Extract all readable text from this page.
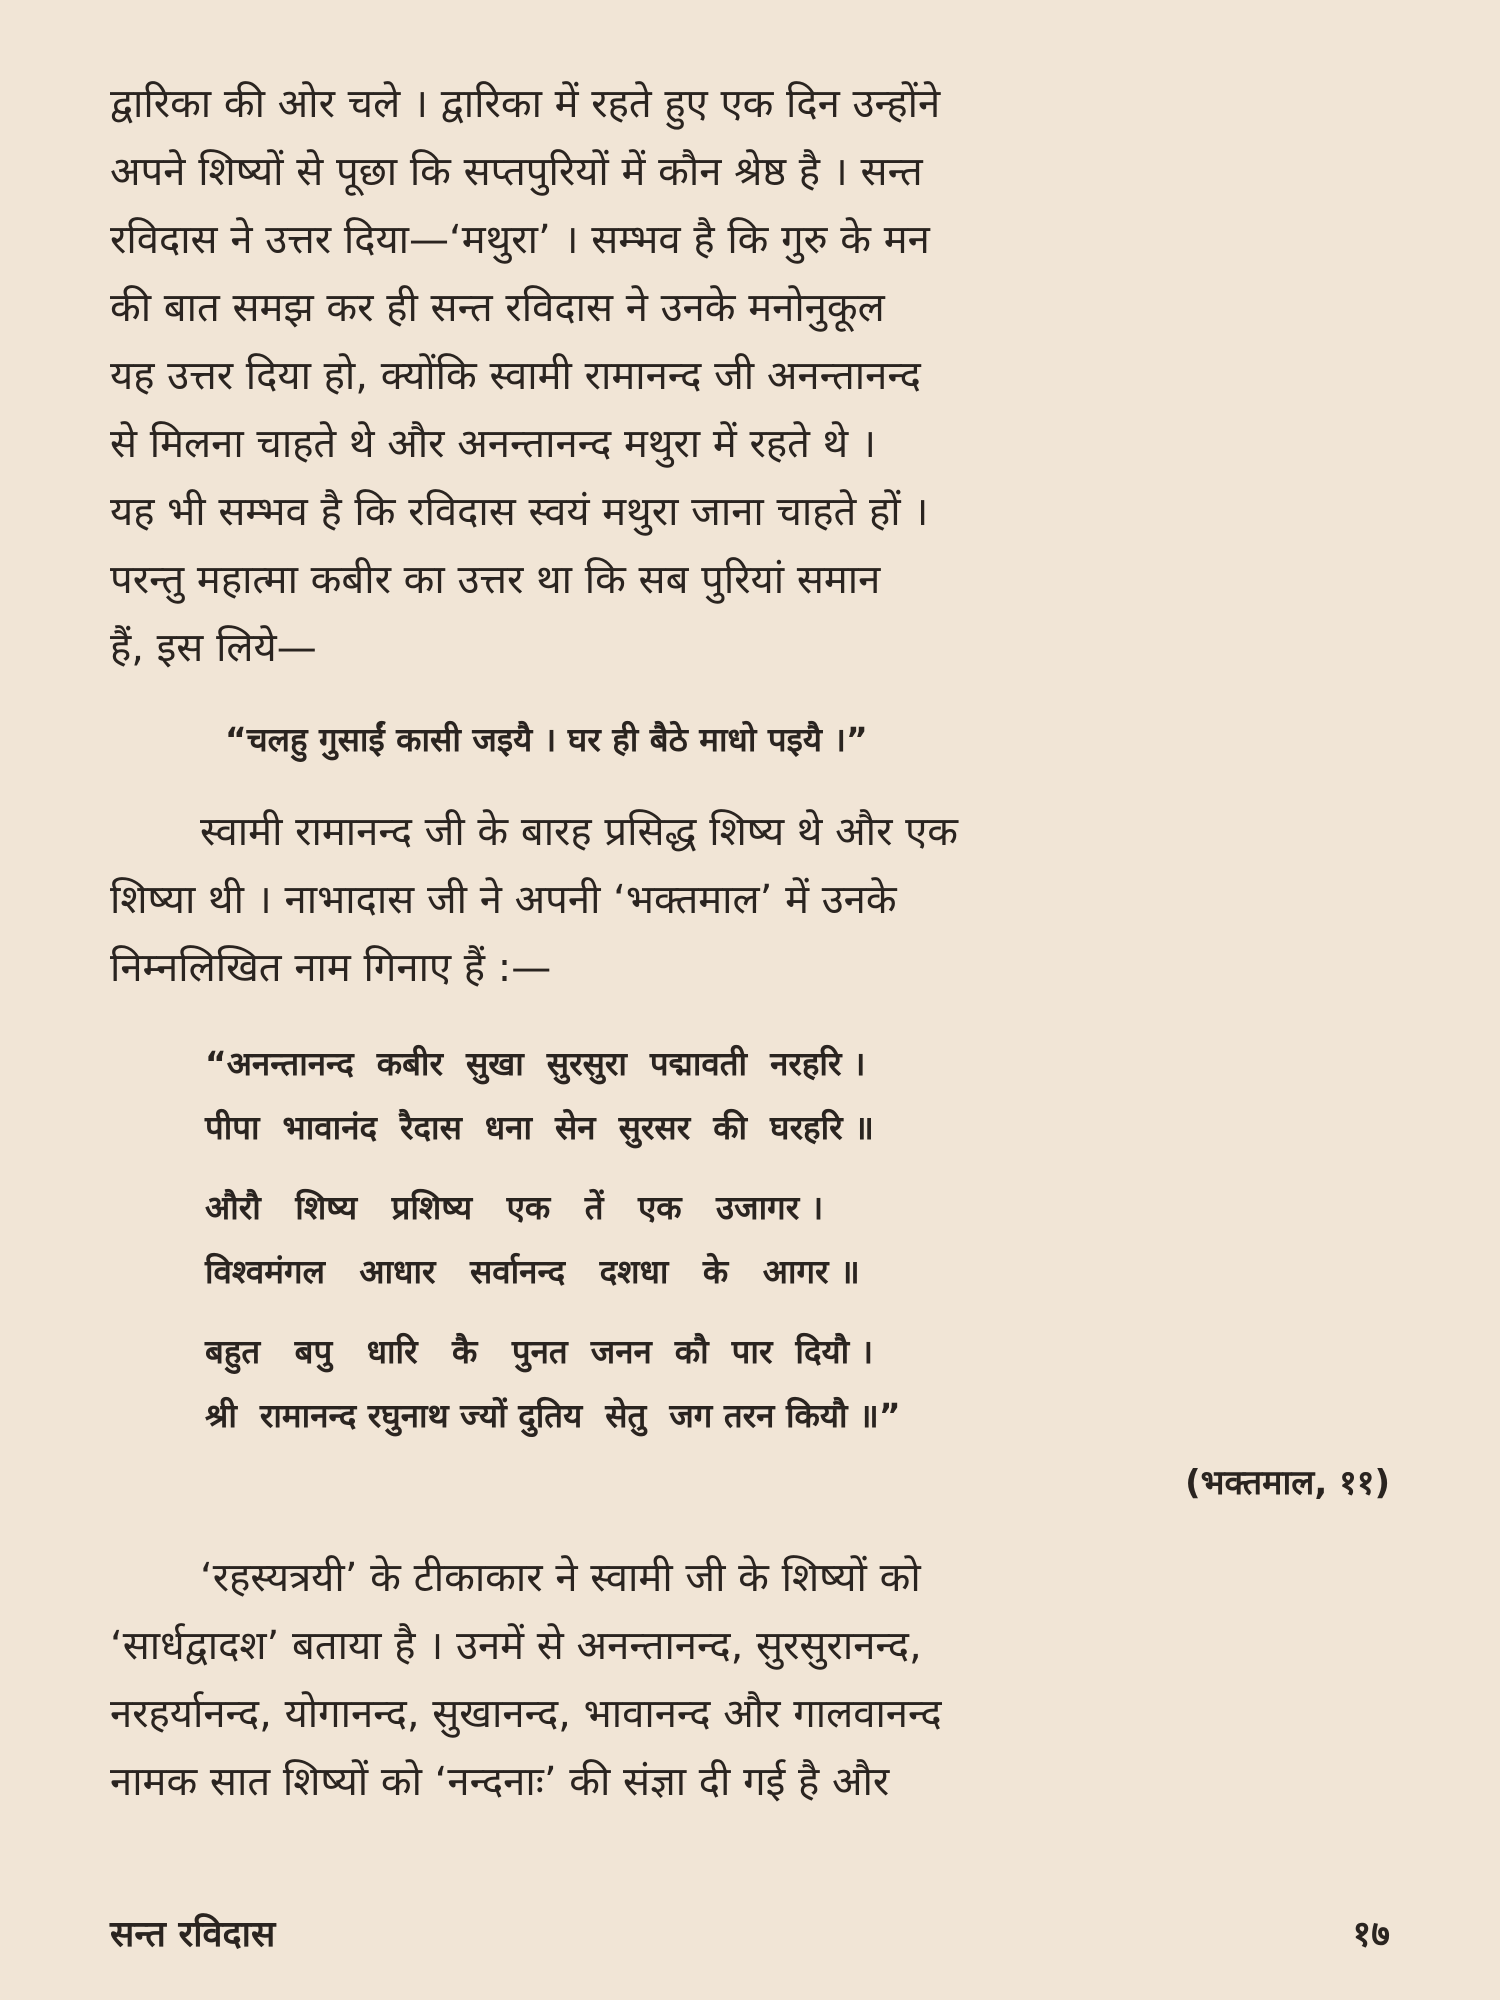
द्वारिका की ओर चले । द्वारिका में रहते हुए एक दिन उन्होंने
अपने शिष्यों से पूछा कि सप्तपुरियों में कौन श्रेष्ठ है । सन्त
रविदास ने उत्तर दिया—‘मथुरा’ । सम्भव है कि गुरु के मन
की बात समझ कर ही सन्त रविदास ने उनके मनोनुकूल
यह उत्तर दिया हो, क्योंकि स्वामी रामानन्द जी अनन्तानन्द
से मिलना चाहते थे और अनन्तानन्द मथुरा में रहते थे ।
यह भी सम्भव है कि रविदास स्वयं मथुरा जाना चाहते हों ।
परन्तु महात्मा कबीर का उत्तर था कि सब पुरियां समान
हैं, इस लिये—

“चलहु गुसाईं कासी जइयै । घर ही बैठे माधो पइयै ।”

स्वामी रामानन्द जी के बारह प्रसिद्ध शिष्य थे और एक
शिष्या थी । नाभादास जी ने अपनी ‘भक्तमाल’ में उनके
निम्नलिखित नाम गिनाए हैं :—
“अनन्तानन्द  कबीर  सुखा  सुरसुरा  पद्मावती  नरहरि ।
पीपा  भावानंद  रैदास  धना  सेन  सुरसर  की  घरहरि ॥
औरौ   शिष्य   प्रशिष्य   एक   तें   एक   उजागर ।
विश्वमंगल   आधार   सर्वानन्द   दशधा   के   आगर ॥
बहुत   बपु   धारि   कै   पुनत  जनन  कौ  पार  दियौ ।
श्री  रामानन्द रघुनाथ ज्यों दुतिय  सेतु  जग तरन कियौ ॥”

(भक्तमाल, ११)

‘रहस्यत्रयी’ के टीकाकार ने स्वामी जी के शिष्यों को
‘सार्धद्वादश’ बताया है । उनमें से अनन्तानन्द, सुरसुरानन्द,
नरहर्यानन्द, योगानन्द, सुखानन्द, भावानन्द और गालवानन्द
नामक सात शिष्यों को ‘नन्दनाः’ की संज्ञा दी गई है और
सन्त रविदास	१७
